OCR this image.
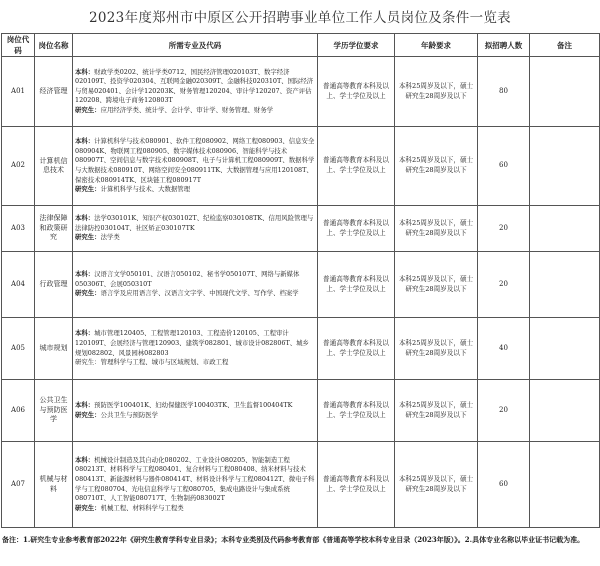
2023年度郑州市中原区公开招聘事业单位工作人员岗位及条件一览表
岗位代码	岗位名称	所需专业及代码	学历学位要求	年龄要求	拟招聘人数	备注
A01	经济管理	本科：财政学类0202、统计学类0712、国民经济管理020103T、数字经济020109T、投资学020304、互联网金融020309T、金融科技020310T、国际经济与贸易020401、会计学120203K、财务管理120204、审计学120207、资产评估120208、跨境电子商务120803T
研究生：应用经济学类、统计学、会计学、审计学、财务管理、财务学	普通高等教育本科及以上、学士学位及以上	本科25周岁及以下，硕士研究生28周岁及以下	80	
A02	计算机信息技术	本科：计算机科学与技术080901、软件工程080902、网络工程080903、信息安全080904K、物联网工程080905、数字媒体技术080906、智能科学与技术080907T、空间信息与数字技术080908T、电子与计算机工程080909T、数据科学与大数据技术080910T、网络空间安全080911TK、大数据管理与应用120108T、保密技术080914TK、区块链工程080917T
研究生：计算机科学与技术、大数据管理	普通高等教育本科及以上、学士学位及以上	本科25周岁及以下，硕士研究生28周岁及以下	60	
A03	法律保障和政策研究	本科：法学030101K、知识产权030102T、纪检监察030108TK、信用风险管理与法律防控030104T、社区矫正030107TK
研究生：法学类	普通高等教育本科及以上、学士学位及以上	本科25周岁及以下，硕士研究生28周岁及以下	20	
A04	行政管理	本科：汉语言文学050101、汉语言050102、秘书学050107T、网络与新媒体050306T、会展050310T
研究生：语言学及应用语言学、汉语言文字学、中国现代文学、写作学、档案学	普通高等教育本科及以上、学士学位及以上	本科25周岁及以下，硕士研究生28周岁及以下	20	
A05	城市规划	本科：城市管理120405、工程管理120103、工程造价120105、工程审计120109T、会展经济与管理120903、建筑学082801、城市设计082806T、城乡规划082802、风景园林082803
研究生：管理科学与工程、城市与区域规划、市政工程	普通高等教育本科及以上、学士学位及以上	本科25周岁及以下，硕士研究生28周岁及以下	40	
A06	公共卫生与预防医学	本科：预防医学100401K、妇幼保健医学100403TK、卫生监督100404TK
研究生：公共卫生与预防医学	普通高等教育本科及以上、学士学位及以上	本科25周岁及以下，硕士研究生28周岁及以下	20	
A07	机械与材料	本科：机械设计制造及其自动化080202、工业设计080205、智能制造工程080213T、材料科学与工程080401、复合材料与工程080408、纳米材料与技术080413T、新能源材料与器件080414T、材料设计科学与工程080412T、微电子科学与工程080704、光电信息科学与工程080705、集成电路设计与集成系统080710T、人工智能080717T、生物制药083002T
研究生：机械工程、材料科学与工程类	普通高等教育本科及以上、学士学位及以上	本科25周岁及以下，硕士研究生28周岁及以下	60	
备注：1.研究生专业参考教育部2022年《研究生教育学科专业目录》；本科专业类别及代码参考教育部《普通高等学校本科专业目录（2023年版）》。2.具体专业名称以毕业证书记载为准。
